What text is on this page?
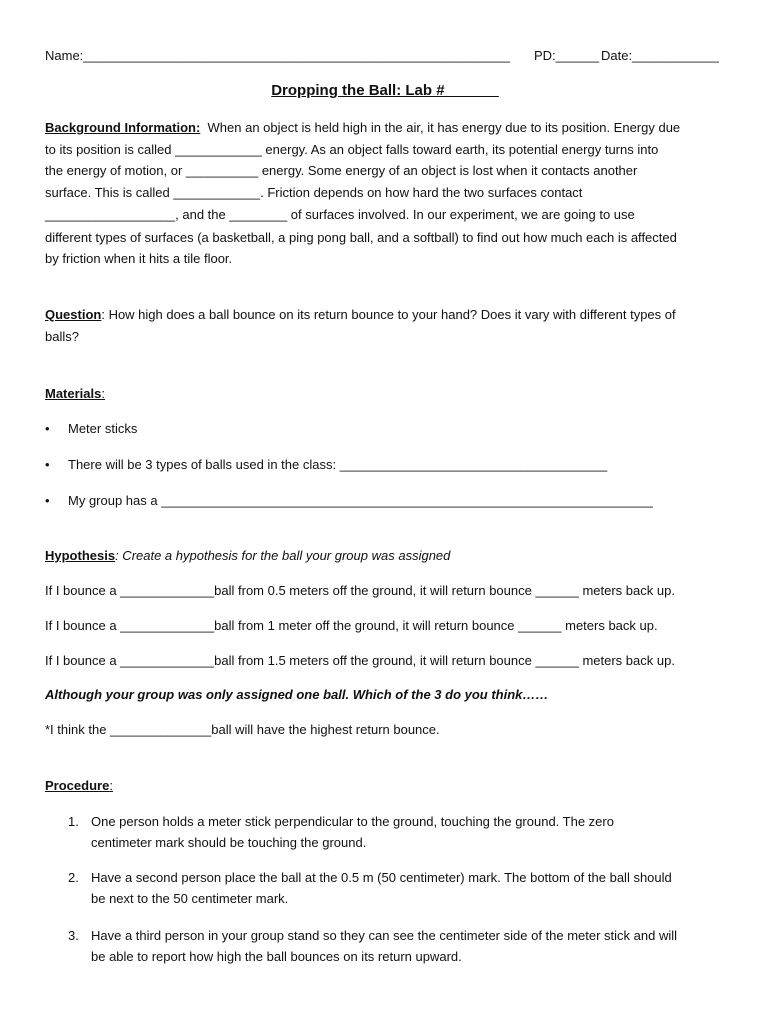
Name:___________________________________________________________ PD:______ Date:____________
Dropping the Ball: Lab # ______
Background Information: When an object is held high in the air, it has energy due to its position. Energy due
to its position is called ____________ energy. As an object falls toward earth, its potential energy turns into
the energy of motion, or __________ energy. Some energy of an object is lost when it contacts another
surface. This is called ____________. Friction depends on how hard the two surfaces contact
__________________, and the ________ of surfaces involved. In our experiment, we are going to use
different types of surfaces (a basketball, a ping pong ball, and a softball) to find out how much each is affected
by friction when it hits a tile floor.
Question: How high does a ball bounce on its return bounce to your hand? Does it vary with different types of
balls?
Materials:
• Meter sticks
• There will be 3 types of balls used in the class: _____________________________________
• My group has a ____________________________________________________________________
Hypothesis: Create a hypothesis for the ball your group was assigned
If I bounce a _____________ball from 0.5 meters off the ground, it will return bounce ______ meters back up.
If I bounce a _____________ball from 1 meter off the ground, it will return bounce ______ meters back up.
If I bounce a _____________ball from 1.5 meters off the ground, it will return bounce ______ meters back up.
Although your group was only assigned one ball. Which of the 3 do you think……
*I think the ______________ball will have the highest return bounce.
Procedure:
1. One person holds a meter stick perpendicular to the ground, touching the ground. The zero
centimeter mark should be touching the ground.
2. Have a second person place the ball at the 0.5 m (50 centimeter) mark. The bottom of the ball should
be next to the 50 centimeter mark.
3. Have a third person in your group stand so they can see the centimeter side of the meter stick and will
be able to report how high the ball bounces on its return upward.
